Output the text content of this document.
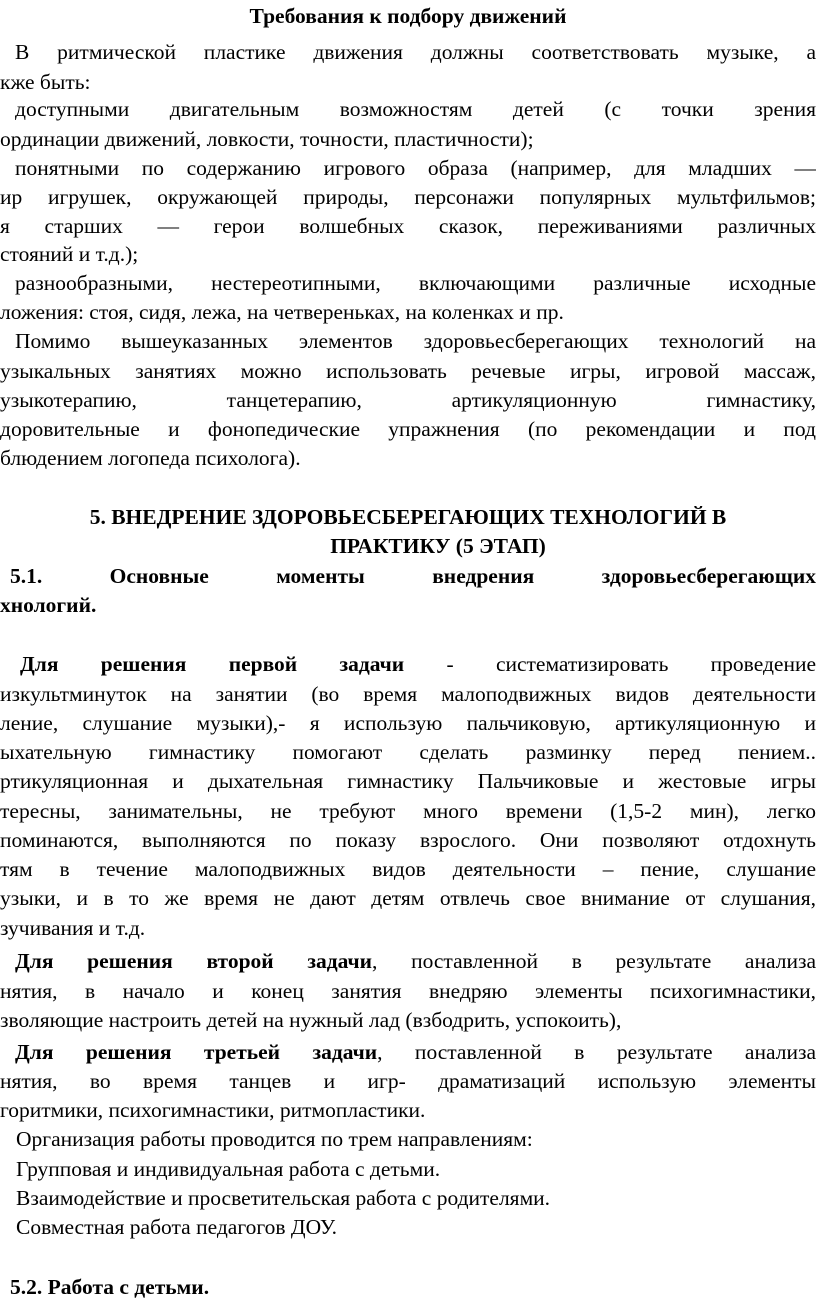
Требования к подбору движений
В ритмической пластике движения должны соответствовать музыке, а
кже быть:
доступными двигательным возможностям детей (с точки зрения
ординации движений, ловкости, точности, пластичности);
понятными по содержанию игрового образа (например, для младших —
ир игрушек, окружающей природы, персонажи популярных мультфильмов;
я старших — герои волшебных сказок, переживаниями различных
стояний и т.д.);
разнообразными, нестереотипными, включающими различные исходные
ложения: стоя, сидя, лежа, на четвереньках, на коленках и пр.
Помимо вышеуказанных элементов здоровьесберегающих технологий на
узыкальных занятиях можно использовать речевые игры, игровой массаж,
узыкотерапию, танцетерапию, артикуляционную гимнастику,
доровительные и фонопедические упражнения (по рекомендации и под
блюдением логопеда психолога).
5. ВНЕДРЕНИЕ ЗДОРОВЬЕСБЕРЕГАЮЩИХ ТЕХНОЛОГИЙ В
ПРАКТИКУ (5 ЭТАП)
5.1. Основные моменты внедрения здоровьесберегающих
хнологий.
Для решения первой задачи - систематизировать проведение
изкультминуток на занятии (во время малоподвижных видов деятельности
ление, слушание музыки),- я использую пальчиковую, артикуляционную и
ыхательную гимнастику помогают сделать разминку перед пением..
ртикуляционная и дыхательная гимнастику Пальчиковые и жестовые игры
тересны, занимательны, не требуют много времени (1,5-2 мин), легко
поминаются, выполняются по показу взрослого. Они позволяют отдохнуть
тям в течение малоподвижных видов деятельности – пение, слушание
узыки, и в то же время не дают детям отвлечь свое внимание от слушания,
зучивания и т.д.
Для решения второй задачи, поставленной в результате анализа
нятия, в начало и конец занятия внедряю элементы психогимнастики,
зволяющие настроить детей на нужный лад (взбодрить, успокоить),
Для решения третьей задачи, поставленной в результате анализа
нятия, во время танцев и игр- драматизаций использую элементы
горитмики, психогимнастики, ритмопластики.
Организация работы проводится по трем направлениям:
Групповая и индивидуальная работа с детьми.
Взаимодействие и просветительская работа с родителями.
Совместная работа педагогов ДОУ.
5.2. Работа с детьми.
